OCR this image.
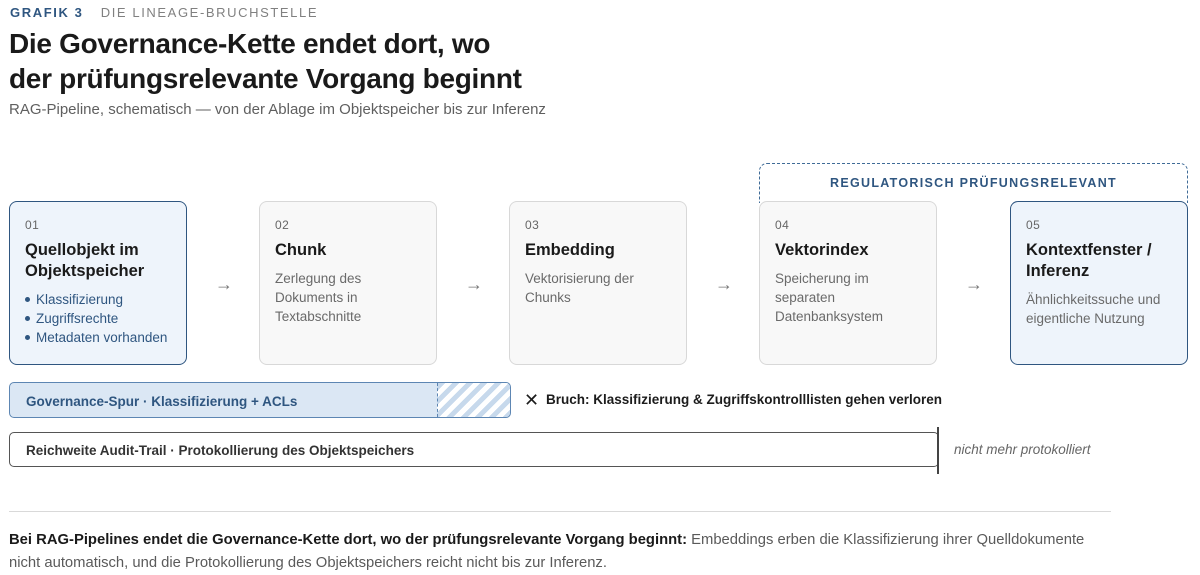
GRAFIK 3 DIE LINEAGE-BRUCHSTELLE
Die Governance-Kette endet dort, wo
der prüfungsrelevante Vorgang beginnt
RAG-Pipeline, schematisch — von der Ablage im Objektspeicher bis zur Inferenz
REGULATORISCH PRÜFUNGSRELEVANT
01
Quellobjekt im Objektspeicher
Klassifizierung
Zugriffsrechte
Metadaten vorhanden
→
02
Chunk
Zerlegung des Dokuments in Textabschnitte
→
03
Embedding
Vektorisierung der Chunks
→
04
Vektorindex
Speicherung im separaten Datenbanksystem
→
05
Kontextfenster / Inferenz
Ähnlichkeitssuche und eigentliche Nutzung
Governance-Spur · Klassifizierung + ACLs	✕ Bruch: Klassifizierung & Zugriffskontrolllisten gehen verloren
Reichweite Audit-Trail · Protokollierung des Objektspeichers	nicht mehr protokolliert
Bei RAG-Pipelines endet die Governance-Kette dort, wo der prüfungsrelevante Vorgang beginnt: Embeddings erben die Klassifizierung ihrer Quelldokumente nicht automatisch, und die Protokollierung des Objektspeichers reicht nicht bis zur Inferenz.
